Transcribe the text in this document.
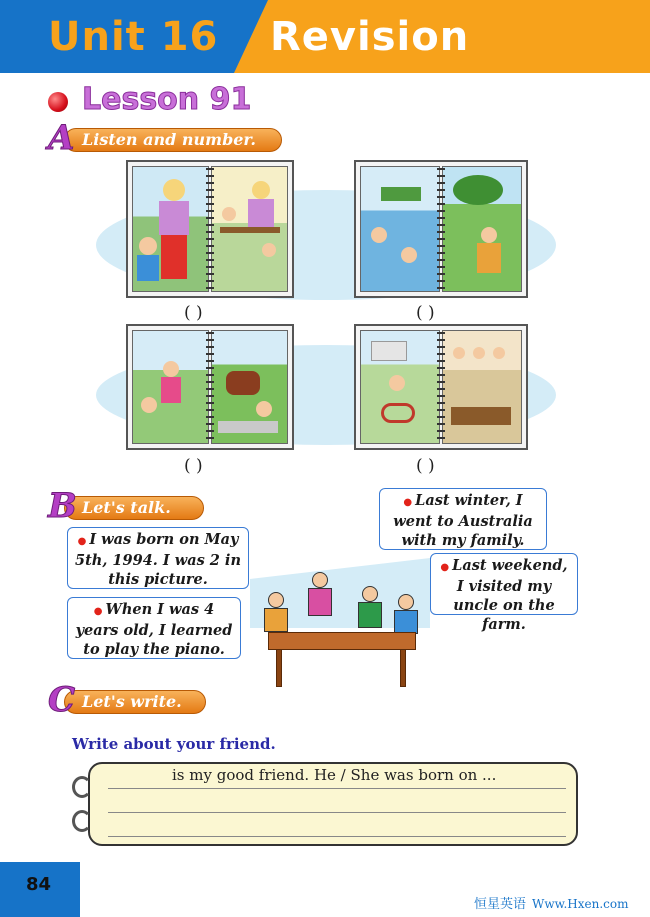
Unit 16 Revision
Lesson 91
A Listen and number.
( )	( )
( )	( )
B Let's talk.
● I was born on May 5th, 1994. I was 2 in this picture.
● When I was 4 years old, I learned to play the piano.
● Last winter, I went to Australia with my family.
● Last weekend, I visited my uncle on the farm.
C Let's write.
Write about your friend.
is my good friend. He / She was born on ...
84
恒星英语 Www.Hxen.com
